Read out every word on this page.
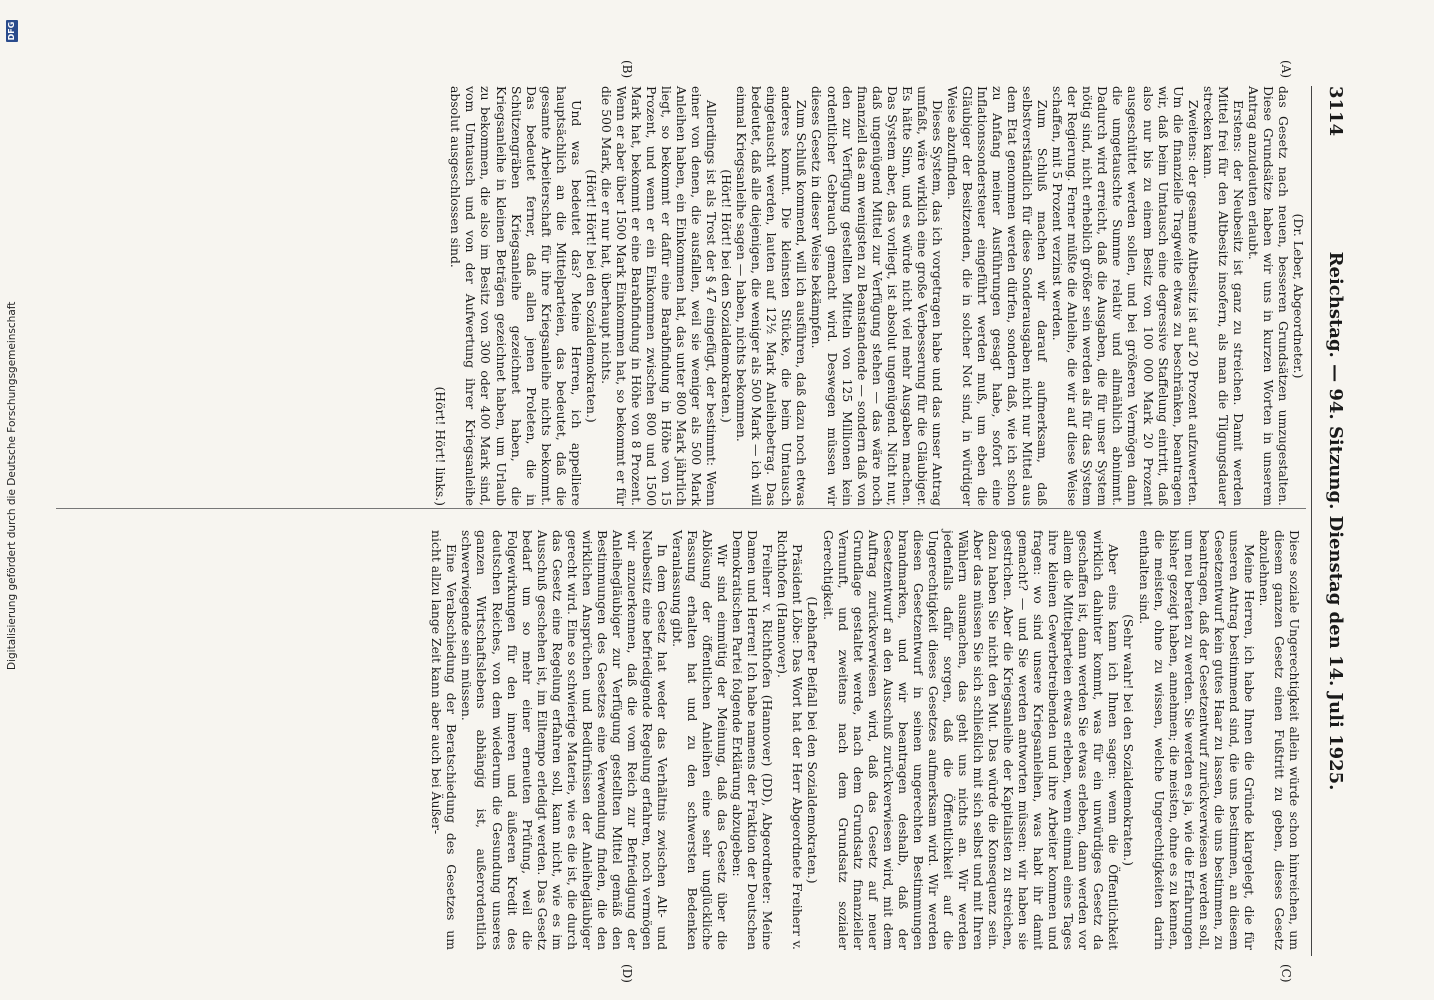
3114
Reichstag. — 94. Sitzung. Dienstag den 14. Juli 1925.
(A)
(B)
(C)
(D)

(Dr. Leber, Abgeordneter.)

das Gesetz nach neuen, besseren Grundsätzen umzugestalten. Diese Grundsätze haben wir uns in kurzen Worten in unserem Antrag anzudeuten erlaubt.

Erstens: der Neubesitz ist ganz zu streichen. Damit werden Mittel frei für den Altbesitz insofern, als man die Tilgungsdauer strecken kann.

Zweitens: der gesamte Altbesitz ist auf 20 Prozent aufzuwerten. Um die finanzielle Tragweite etwas zu beschränken, beantragen wir, daß beim Umtausch eine degressive Staffelung eintritt, daß also nur bis zu einem Besitz von 100 000 Mark 20 Prozent ausgeschüttet werden sollen, und bei größeren Vermögen dann die umgetauschte Summe relativ und allmählich abnimmt. Dadurch wird erreicht, daß die Ausgaben, die für unser System nötig sind, nicht erheblich größer sein werden als für das System der Regierung. Ferner müßte die Anleihe, die wir auf diese Weise schaffen, mit 5 Prozent verzinst werden.

Zum Schluß machen wir darauf aufmerksam, daß selbstverständlich für diese Sonderausgaben nicht nur Mittel aus dem Etat genommen werden dürfen, sondern daß, wie ich schon zu Anfang meiner Ausführungen gesagt habe, sofort eine Inflationssondersteuer eingeführt werden muß, um eben die Gläubiger der Besitzenden, die in solcher Not sind, in würdiger Weise abzufinden.

Dieses System, das ich vorgetragen habe und das unser Antrag umfaßt, wäre wirklich eine große Verbesserung für die Gläubiger. Es hätte Sinn, und es würde nicht viel mehr Ausgaben machen. Das System aber, das vorliegt, ist absolut ungenügend. Nicht nur, daß ungenügend Mittel zur Verfügung stehen — das wäre noch finanziell das am wenigsten zu Beanstandende — sondern daß von den zur Verfügung gestellten Mitteln von 125 Millionen kein ordentlicher Gebrauch gemacht wird. Deswegen müssen wir dieses Gesetz in dieser Weise bekämpfen.

Zum Schluß kommend, will ich ausführen, daß dazu noch etwas anderes kommt. Die kleinsten Stücke, die beim Umtausch eingetauscht werden, lauten auf 12½ Mark Anleihebetrag. Das bedeutet, daß alle diejenigen, die weniger als 500 Mark — ich will einmal Kriegsanleihe sagen — haben, nichts bekommen.

(Hört! Hört! bei den Sozialdemokraten.)

Allerdings ist als Trost der § 47 eingefügt, der bestimmt: Wenn einer von denen, die ausfallen, weil sie weniger als 500 Mark Anleihen haben, ein Einkommen hat, das unter 800 Mark jährlich liegt, so bekommt er dafür eine Barabfindung in Höhe von 15 Prozent, und wenn er ein Einkommen zwischen 800 und 1500 Mark hat, bekommt er eine Barabfindung in Höhe von 8 Prozent. Wenn er aber über 1500 Mark Einkommen hat, so bekommt er für die 500 Mark, die er nur hat, überhaupt nichts.

(Hört! Hört! bei den Sozialdemokraten.)

Und was bedeutet das? Meine Herren, ich appelliere hauptsächlich an die Mittelparteien, das bedeutet, daß die gesamte Arbeiterschaft für ihre Kriegsanleihe nichts bekommt. Das bedeutet ferner, daß allen jenen Proleten, die in Schützengräben Kriegsanleihe gezeichnet haben, die Kriegsanleihe in kleinen Beträgen gezeichnet haben, um Urlaub zu bekommen, die also im Besitz von 300 oder 400 Mark sind, vom Umtausch und von der Aufwertung ihrer Kriegsanleihe absolut ausgeschlossen sind.

(Hört! Hört! links.)

Diese soziale Ungerechtigkeit allein würde schon hinreichen, um diesem ganzen Gesetz einen Fußtritt zu geben, dieses Gesetz abzulehnen.

Meine Herren, ich habe Ihnen die Gründe klargelegt, die für unseren Antrag bestimmend sind, die uns bestimmen, an diesem Gesetzentwurf kein gutes Haar zu lassen, die uns bestimmen, zu beantragen, daß der Gesetzentwurf zurückverwiesen werden soll, um neu beraten zu werden. Sie werden es ja, wie die Erfahrungen bisher gezeigt haben, annehmen; die meisten, ohne es zu kennen, die meisten, ohne zu wissen, welche Ungerechtigkeiten darin enthalten sind.

(Sehr wahr! bei den Sozialdemokraten.)

Aber eins kann ich Ihnen sagen: wenn die Öffentlichkeit wirklich dahinter kommt, was für ein unwürdiges Gesetz da geschaffen ist, dann werden Sie etwas erleben, dann werden vor allem die Mittelparteien etwas erleben, wenn einmal eines Tages ihre kleinen Gewerbetreibenden und ihre Arbeiter kommen und fragen: wo sind unsere Kriegsanleihen, was habt ihr damit gemacht? — und Sie werden antworten müssen: wir haben sie gestrichen. Aber die Kriegsanleihe der Kapitalisten zu streichen, dazu haben Sie nicht den Mut. Das würde die Konsequenz sein. Aber das müssen Sie sich schließlich mit sich selbst und mit Ihren Wählern ausmachen, das geht uns nichts an. Wir werden jedenfalls dafür sorgen, daß die Öffentlichkeit auf die Ungerechtigkeit dieses Gesetzes aufmerksam wird. Wir werden diesen Gesetzentwurf in seinen ungerechten Bestimmungen brandmarken, und wir beantragen deshalb, daß der Gesetzentwurf an den Ausschuß zurückverwiesen wird, mit dem Auftrag zurückverwiesen wird, daß das Gesetz auf neuer Grundlage gestaltet werde, nach dem Grundsatz finanzieller Vernunft, und zweitens nach dem Grundsatz sozialer Gerechtigkeit.

(Lebhafter Beifall bei den Sozialdemokraten.)

Präsident Löbe: Das Wort hat der Herr Abgeordnete Freiherr v. Richthofen (Hannover).

Freiherr v. Richthofen (Hannover) (DD), Abgeordneter: Meine Damen und Herren! Ich habe namens der Fraktion der Deutschen Demokratischen Partei folgende Erklärung abzugeben:

Wir sind einmütig der Meinung, daß das Gesetz über die Ablösung der öffentlichen Anleihen eine sehr unglückliche Fassung erhalten hat und zu den schwersten Bedenken Veranlassung gibt.

In dem Gesetz hat weder das Verhältnis zwischen Alt- und Neubesitz eine befriedigende Regelung erfahren, noch vermögen wir anzuerkennen, daß die vom Reich zur Befriedigung der Anleihegläubiger zur Verfügung gestellten Mittel gemäß den Bestimmungen des Gesetzes eine Verwendung finden, die den wirklichen Ansprüchen und Bedürfnissen der Anleihegläubiger gerecht wird. Eine so schwierige Materie, wie es die ist, die durch das Gesetz eine Regelung erfahren soll, kann nicht, wie es im Ausschuß geschehen ist, im Eiltempo erledigt werden. Das Gesetz bedarf um so mehr einer erneuten Prüfung, weil die Folgewirkungen für den inneren und äußeren Kredit des deutschen Reiches, von dem wiederum die Gesundung unseres ganzen Wirtschaftslebens abhängig ist, außerordentlich schwerwiegende sein müssen.

Eine Verabschiedung der Beratschiedung des Gesetzes um nicht allzu lange Zeit kann aber auch bei Äußer-

Digitalisierung gefördert durch die Deutsche Forschungsgemeinschaft
DFG
